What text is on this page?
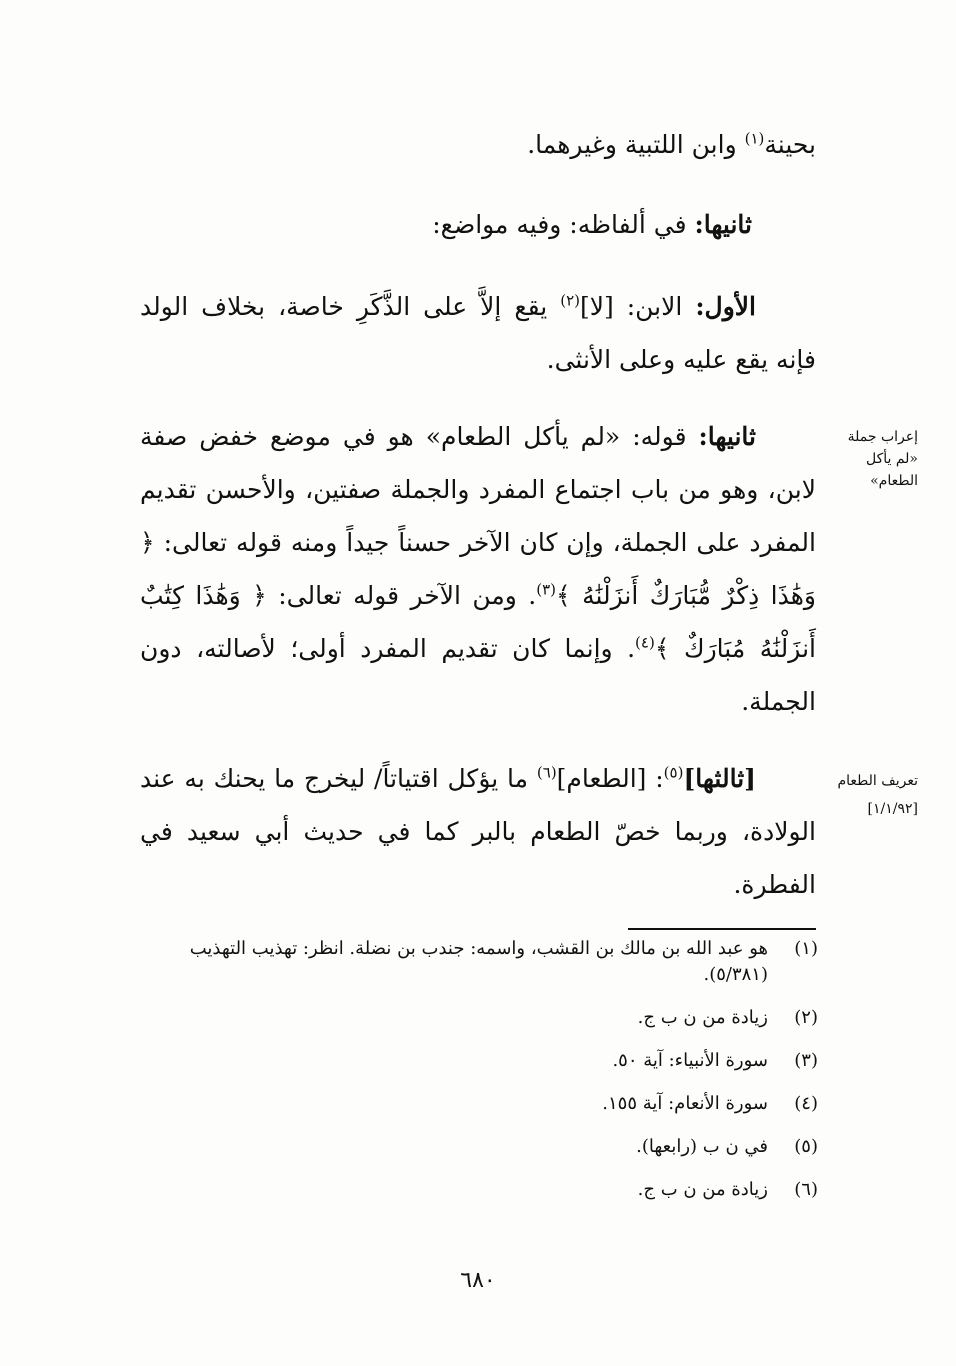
بحينة$^{(١)}$ وابن اللتبية وغيرهما.
ثانيها: في ألفاظه: وفيه مواضع:
الأول: الابن: [لا]$^{(٢)}$ يقع إلاَّ على الذَّكَرِ خاصة، بخلاف الولد فإنه يقع عليه وعلى الأنثى.
ثانيها: قوله: «لم يأكل الطعام» هو في موضع خفض صفة لابن، وهو من باب اجتماع المفرد والجملة صفتين، والأحسن تقديم المفرد على الجملة، وإن كان الآخر حسناً جيداً ومنه قوله تعالى: ﴿ وَهَٰذَا ذِكْرٌ مُّبَارَكٌ أَنزَلْنَٰهُ ﴾$^{(٣)}$. ومن الآخر قوله تعالى: ﴿ وَهَٰذَا كِتَٰبٌ أَنزَلْنَٰهُ مُبَارَكٌ ﴾$^{(٤)}$. وإنما كان تقديم المفرد أولى؛ لأصالته، دون الجملة.
إعراب جملة «لم يأكل الطعام»
[ثالثها]$^{(٥)}$: [الطعام]$^{(٦)}$ ما يؤكل اقتياتاً/ ليخرج ما يحنك به عند الولادة، وربما خصّ الطعام بالبر كما في حديث أبي سعيد في الفطرة.
تعريف الطعام
[١/١/٩٢]
(١)
هو عبد الله بن مالك بن القشب، واسمه: جندب بن نضلة. انظر: تهذيب التهذيب (٥/٣٨١).
(٢)
زيادة من ن ب ج.
(٣)
سورة الأنبياء: آية ٥٠.
(٤)
سورة الأنعام: آية ١٥٥.
(٥)
في ن ب (رابعها).
(٦)
زيادة من ن ب ج.
٦٨٠
